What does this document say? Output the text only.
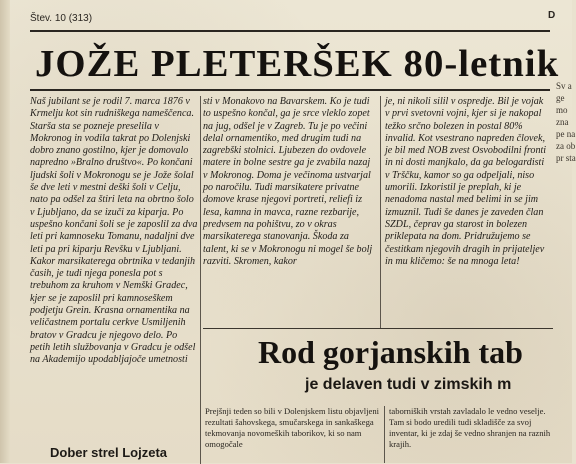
Štev. 10 (313)	D
JOŽE PLETERŠEK 80-letnik

Naš jubilant se je rodil 7. marca 1876 v Krmelju kot sin rudniškega nameščenca. Starša sta se pozneje preselila v Mokronog in vodila takrat po Dolenjski dobro znano gostilno, kjer je domovalo napredno »Bralno društvo«. Po končani ljudski šoli v Mokronogu se je Jože šolal še dve leti v mestni deški šoli v Celju, nato pa odšel za štiri leta na obrtno šolo v Ljubljano, da se izuči za kiparja. Po uspešno končani šoli se je zaposlil za dva leti pri kamnoseku Tomanu, nadaljni dve leti pa pri kiparju Revšku v Ljubljani. Kakor marsikaterega obrtnika v tedanjih časih, je tudi njega ponesla pot s trebuhom za kruhom v Nemški Gradec, kjer se je zaposlil pri kamnoseškem podjetju Grein. Krasna ornamentika na veličastnem portalu cerkve Usmiljenih bratov v Gradcu je njegovo delo. Po petih letih službovanja v Gradcu je odšel na Akademijo upodabljajoče umetnosti

sti v Monakovo na Bavarskem. Ko je tudi to uspešno končal, ga je srce vleklo zopet na jug, odšel je v Zagreb. Tu je po večini delal ornamentiko, med drugim tudi na zagrebški stolnici. Ljubezen do ovdovele matere in bolne sestre ga je zvabila nazaj v Mokronog. Doma je večinoma ustvarjal po naročilu. Tudi marsikatere privatne domove krase njegovi portreti, reliefi iz lesa, kamna in mavca, razne rezbarije, predvsem na pohištvu, zo v okras marsikaterega stanovanja. Škoda za talent, ki se v Mokronogu ni mogel še bolj razviti. Skromen, kakor

je, ni nikoli silil v ospredje. Bil je vojak v prvi svetovni vojni, kjer si je nakopal težko srčno bolezen in postal 80% invalid. Kot vsestrano napreden človek, je bil med NOB zvest Osvobodilni fronti in ni dosti manjkalo, da ga belogardisti v Trščku, kamor so ga odpeljali, niso umorili. Izkoristil je preplah, ki je nenadoma nastal med belimi in se jim izmuznil. Tudi še danes je zaveden član SZDL, čeprav ga starost in bolezen priklepata na dom. Pridružujemo se čestitkam njegovih dragih in prijateljev in mu kličemo: še na mnoga leta!

Rod gorjanskih tab
je delaven tudi v zimskih m
Prejšnji teden so bili v Dolenjskem listu objavljeni rezultati šahovskega, smučarskega in sankaškega tekmovanja novomeških taborikov, ki so nam omogočale
taborniških vrstah zavladalo le vedno veselje. Tam si bodo uredili tudi skladišče za svoj inventar, ki je zdaj še vedno shranjen na raznih krajih.
Dober strel Lojzeta
Sv a ge mo zna pe na za ob pr sta
